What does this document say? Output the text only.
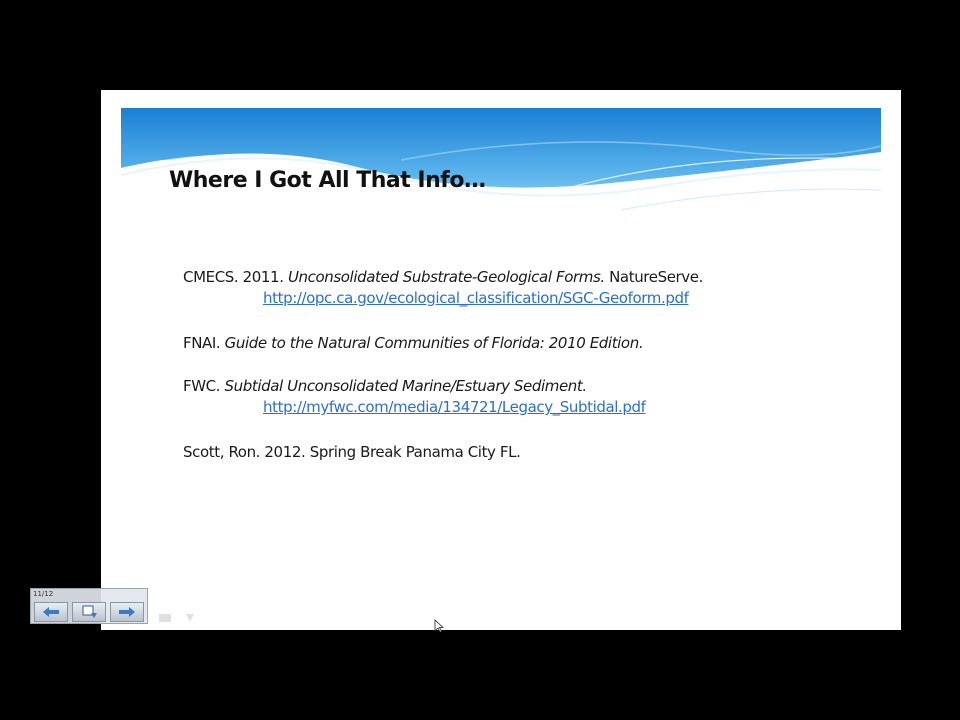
Where I Got All That Info…
CMECS. 2011. Unconsolidated Substrate-Geological Forms. NatureServe.
http://opc.ca.gov/ecological_classification/SGC-Geoform.pdf
FNAI. Guide to the Natural Communities of Florida: 2010 Edition.
FWC. Subtidal Unconsolidated Marine/Estuary Sediment.
http://myfwc.com/media/134721/Legacy_Subtidal.pdf
Scott, Ron. 2012. Spring Break Panama City FL.
11/12
